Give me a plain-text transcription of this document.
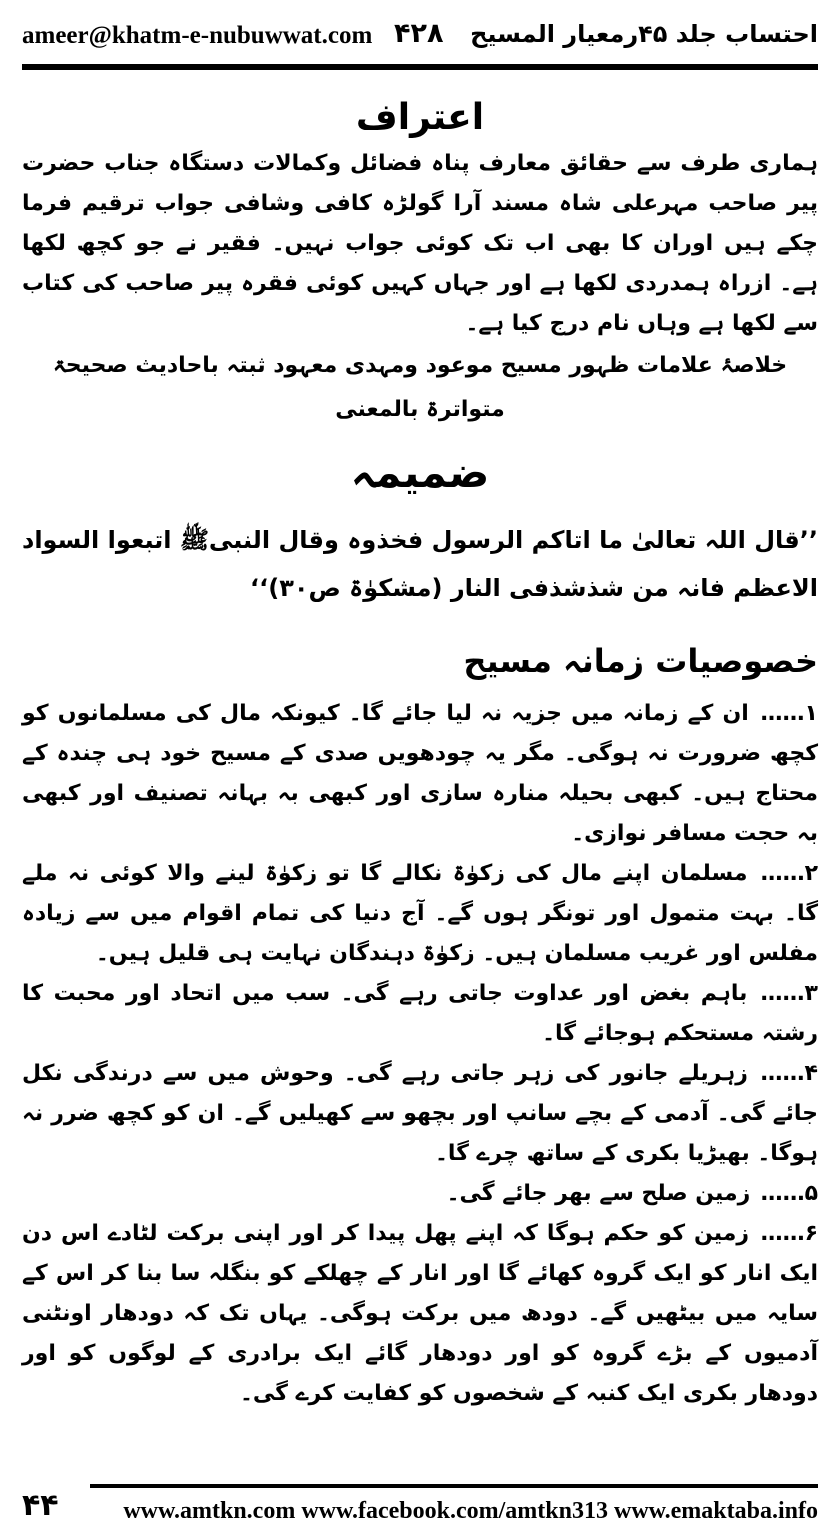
ameer@khatm-e-nubuwwat.com ۴۲۸ احتساب جلد ۴۵رمعیار المسیح
اعتراف

ہماری طرف سے حقائق معارف پناہ فضائل وکمالات دستگاہ جناب حضرت پیر صاحب مہرعلی شاہ مسند آرا گولڑہ کافی وشافی جواب ترقیم فرما چکے ہیں اوران کا بھی اب تک کوئی جواب نہیں۔ فقیر نے جو کچھ لکھا ہے۔ ازراہ ہمدردی لکھا ہے اور جہاں کہیں کوئی فقرہ پیر صاحب کی کتاب سے لکھا ہے وہاں نام درج کیا ہے۔

خلاصۂ علامات ظہور مسیح موعود ومہدی معہود ثبتہ باحادیث صحیحۃ متواترۃ بالمعنی
ضمیمہ

’’قال اللہ تعالیٰ ما اتاکم الرسول فخذوہ وقال النبیﷺ اتبعوا السواد الاعظم فانہ من شذشذفی النار (مشکوٰۃ ص۳۰)‘‘

خصوصیات زمانہ مسیح

۱…… ان کے زمانہ میں جزیہ نہ لیا جائے گا۔ کیونکہ مال کی مسلمانوں کو کچھ ضرورت نہ ہوگی۔ مگر یہ چودھویں صدی کے مسیح خود ہی چندہ کے محتاج ہیں۔ کبھی بحیلہ منارہ سازی اور کبھی بہ بہانہ تصنیف اور کبھی بہ حجت مسافر نوازی۔

۲…… مسلمان اپنے مال کی زکوٰۃ نکالے گا تو زکوٰۃ لینے والا کوئی نہ ملے گا۔ بہت متمول اور تونگر ہوں گے۔ آج دنیا کی تمام اقوام میں سے زیادہ مفلس اور غریب مسلمان ہیں۔ زکوٰۃ دہندگان نہایت ہی قلیل ہیں۔

۳…… باہم بغض اور عداوت جاتی رہے گی۔ سب میں اتحاد اور محبت کا رشتہ مستحکم ہوجائے گا۔

۴…… زہریلے جانور کی زہر جاتی رہے گی۔ وحوش میں سے درندگی نکل جائے گی۔ آدمی کے بچے سانپ اور بچھو سے کھیلیں گے۔ ان کو کچھ ضرر نہ ہوگا۔ بھیڑیا بکری کے ساتھ چرے گا۔

۵…… زمین صلح سے بھر جائے گی۔

۶…… زمین کو حکم ہوگا کہ اپنے پھل پیدا کر اور اپنی برکت لٹادے اس دن ایک انار کو ایک گروہ کھائے گا اور انار کے چھلکے کو بنگلہ سا بنا کر اس کے سایہ میں بیٹھیں گے۔ دودھ میں برکت ہوگی۔ یہاں تک کہ دودھار اونٹنی آدمیوں کے بڑے گروہ کو اور دودھار گائے ایک برادری کے لوگوں کو اور دودھار بکری ایک کنبہ کے شخصوں کو کفایت کرے گی۔

۴۴	www.amtkn.com www.facebook.com/amtkn313 www.emaktaba.info
